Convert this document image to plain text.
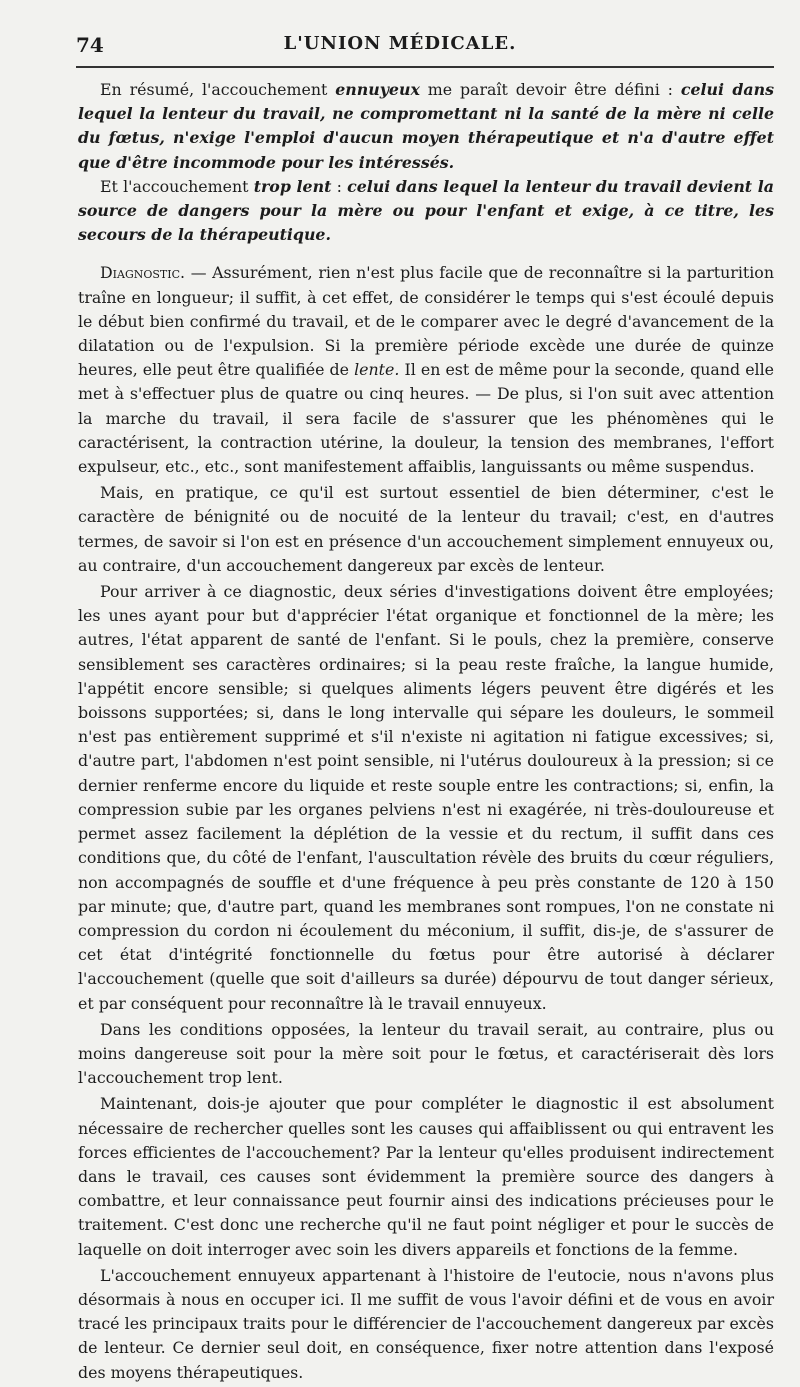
74	L'UNION MÉDICALE.

En résumé, l'accouchement ennuyeux me paraît devoir être défini : celui dans lequel la lenteur du travail, ne compromettant ni la santé de la mère ni celle du fœtus, n'exige l'emploi d'aucun moyen thérapeutique et n'a d'autre effet que d'être incommode pour les intéressés.

Et l'accouchement trop lent : celui dans lequel la lenteur du travail devient la source de dangers pour la mère ou pour l'enfant et exige, à ce titre, les secours de la thérapeutique.

Diagnostic. — Assurément, rien n'est plus facile que de reconnaître si la parturition traîne en longueur; il suffit, à cet effet, de considérer le temps qui s'est écoulé depuis le début bien confirmé du travail, et de le comparer avec le degré d'avancement de la dilatation ou de l'expulsion. Si la première période excède une durée de quinze heures, elle peut être qualifiée de lente. Il en est de même pour la seconde, quand elle met à s'effectuer plus de quatre ou cinq heures. — De plus, si l'on suit avec attention la marche du travail, il sera facile de s'assurer que les phénomènes qui le caractérisent, la contraction utérine, la douleur, la tension des membranes, l'effort expulseur, etc., etc., sont manifestement affaiblis, languissants ou même suspendus.

Mais, en pratique, ce qu'il est surtout essentiel de bien déterminer, c'est le caractère de bénignité ou de nocuité de la lenteur du travail; c'est, en d'autres termes, de savoir si l'on est en présence d'un accouchement simplement ennuyeux ou, au contraire, d'un accouchement dangereux par excès de lenteur.

Pour arriver à ce diagnostic, deux séries d'investigations doivent être employées; les unes ayant pour but d'apprécier l'état organique et fonctionnel de la mère; les autres, l'état apparent de santé de l'enfant. Si le pouls, chez la première, conserve sensiblement ses caractères ordinaires; si la peau reste fraîche, la langue humide, l'appétit encore sensible; si quelques aliments légers peuvent être digérés et les boissons supportées; si, dans le long intervalle qui sépare les douleurs, le sommeil n'est pas entièrement supprimé et s'il n'existe ni agitation ni fatigue excessives; si, d'autre part, l'abdomen n'est point sensible, ni l'utérus douloureux à la pression; si ce dernier renferme encore du liquide et reste souple entre les contractions; si, enfin, la compression subie par les organes pelviens n'est ni exagérée, ni très-douloureuse et permet assez facilement la déplétion de la vessie et du rectum, il suffit dans ces conditions que, du côté de l'enfant, l'auscultation révèle des bruits du cœur réguliers, non accompagnés de souffle et d'une fréquence à peu près constante de 120 à 150 par minute; que, d'autre part, quand les membranes sont rompues, l'on ne constate ni compression du cordon ni écoulement du méconium, il suffit, dis-je, de s'assurer de cet état d'intégrité fonctionnelle du fœtus pour être autorisé à déclarer l'accouchement (quelle que soit d'ailleurs sa durée) dépourvu de tout danger sérieux, et par conséquent pour reconnaître là le travail ennuyeux.

Dans les conditions opposées, la lenteur du travail serait, au contraire, plus ou moins dangereuse soit pour la mère soit pour le fœtus, et caractériserait dès lors l'accouchement trop lent.

Maintenant, dois-je ajouter que pour compléter le diagnostic il est absolument nécessaire de rechercher quelles sont les causes qui affaiblissent ou qui entravent les forces efficientes de l'accouchement? Par la lenteur qu'elles produisent indirectement dans le travail, ces causes sont évidemment la première source des dangers à combattre, et leur connaissance peut fournir ainsi des indications précieuses pour le traitement. C'est donc une recherche qu'il ne faut point négliger et pour le succès de laquelle on doit interroger avec soin les divers appareils et fonctions de la femme.

L'accouchement ennuyeux appartenant à l'histoire de l'eutocie, nous n'avons plus désormais à nous en occuper ici. Il me suffit de vous l'avoir défini et de vous en avoir tracé les principaux traits pour le différencier de l'accouchement dangereux par excès de lenteur. Ce dernier seul doit, en conséquence, fixer notre attention dans l'exposé des moyens thérapeutiques.
